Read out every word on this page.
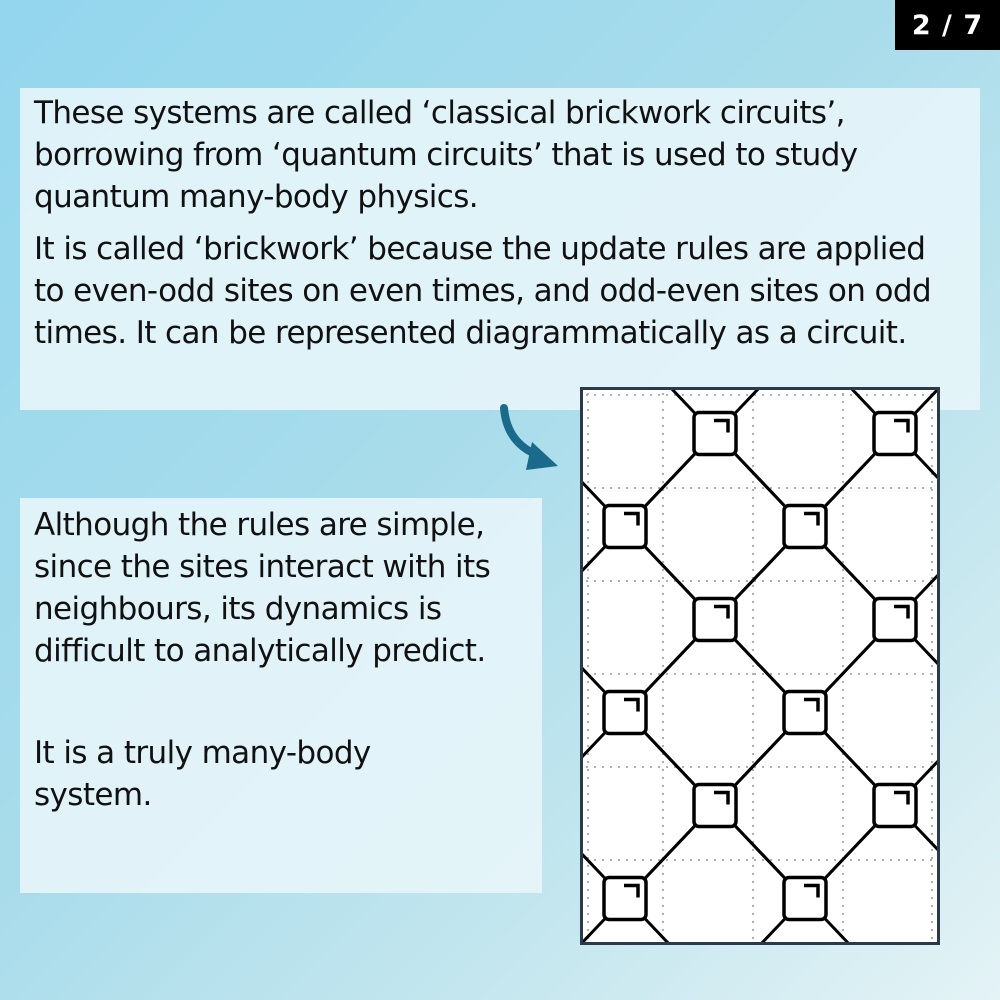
2 / 7

These systems are called ‘classical brickwork circuits’, borrowing from ‘quantum circuits’ that is used to study quantum many-body physics.

It is called ‘brickwork’ because the update rules are applied to even-odd sites on even times, and odd-even sites on odd times. It can be represented diagrammatically as a circuit.

Although the rules are simple, since the sites interact with its neighbours, its dynamics is difficult to analytically predict.

It is a truly many-body system.
